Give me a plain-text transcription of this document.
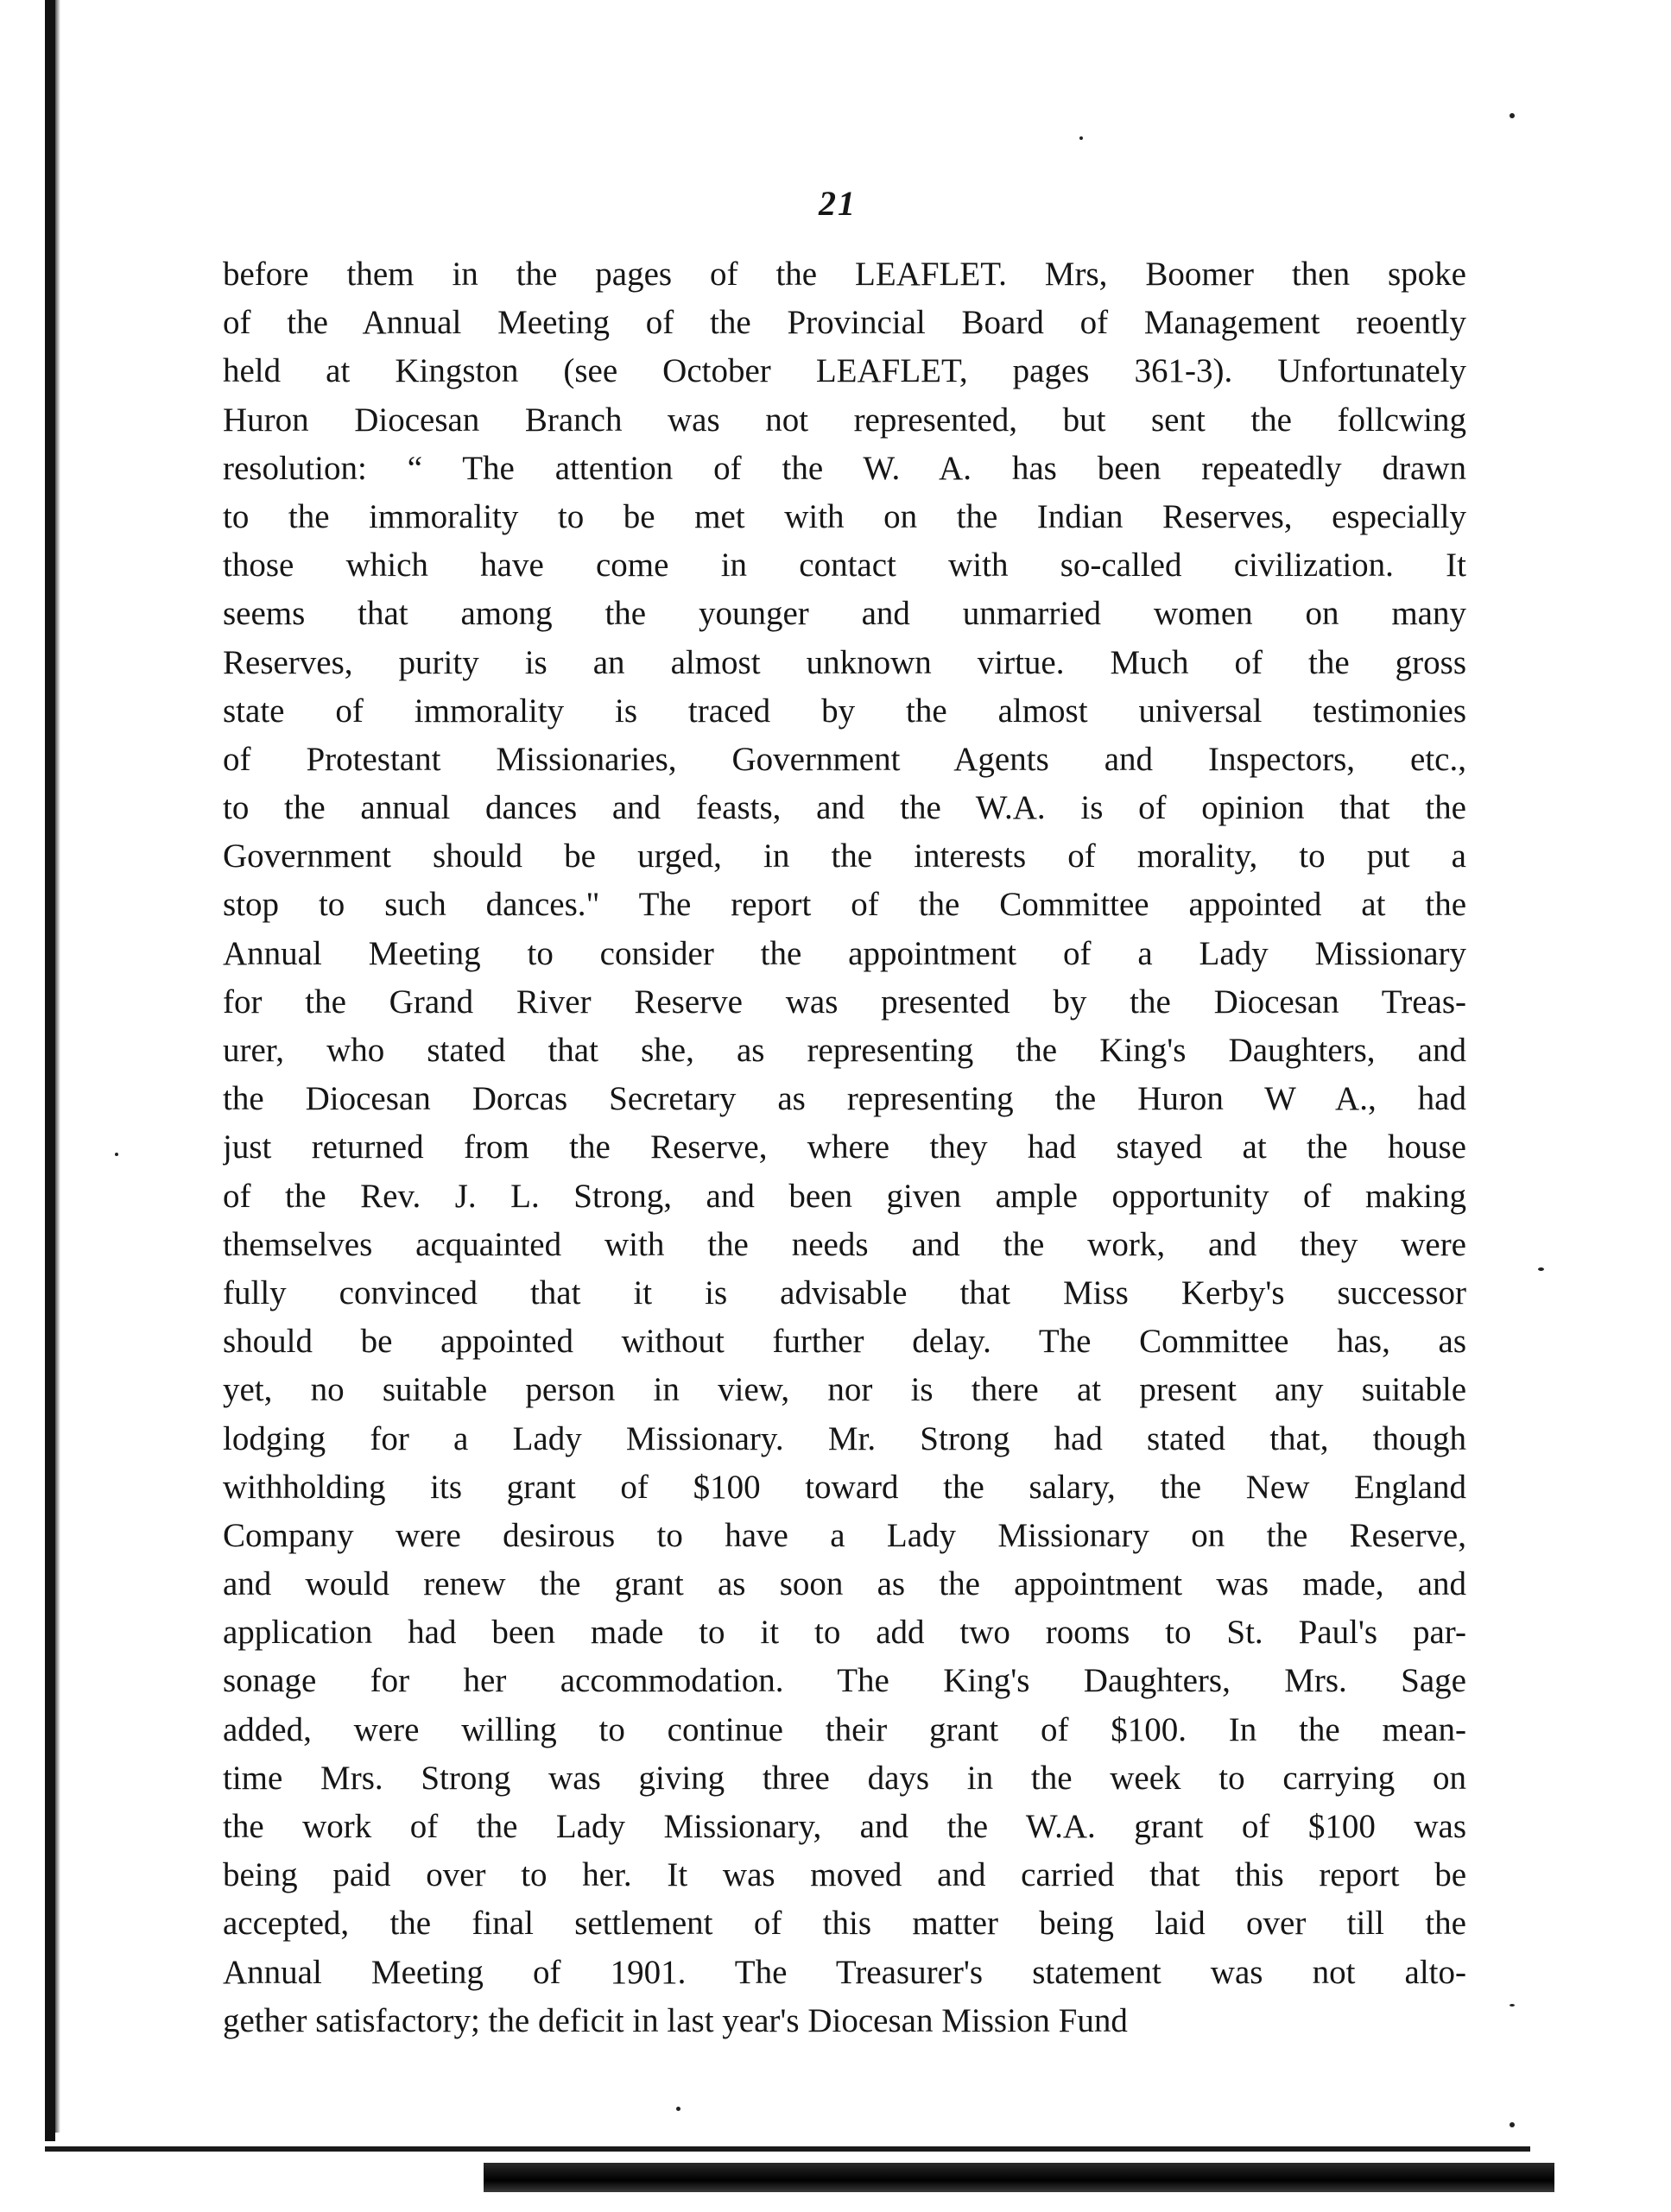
21
before them in the pages of the LEAFLET. Mrs, Boomer then spoke
of the Annual Meeting of the Provincial Board of Management reoently
held at Kingston (see October LEAFLET, pages 361-3). Unfortunately
Huron Diocesan Branch was not represented, but sent the follcwing
resolution: “ The attention of the W. A. has been repeatedly drawn
to the immorality to be met with on the Indian Reserves, especially
those which have come in contact with so-called civilization. It
seems that among the younger and unmarried women on many
Reserves, purity is an almost unknown virtue. Much of the gross
state of immorality is traced by the almost universal testimonies
of Protestant Missionaries, Government Agents and Inspectors, etc.,
to the annual dances and feasts, and the W.A. is of opinion that the
Government should be urged, in the interests of morality, to put a
stop to such dances." The report of the Committee appointed at the
Annual Meeting to consider the appointment of a Lady Missionary
for the Grand River Reserve was presented by the Diocesan Treas-
urer, who stated that she, as representing the King's Daughters, and
the Diocesan Dorcas Secretary as representing the Huron W A., had
just returned from the Reserve, where they had stayed at the house
of the Rev. J. L. Strong, and been given ample opportunity of making
themselves acquainted with the needs and the work, and they were
fully convinced that it is advisable that Miss Kerby's successor
should be appointed without further delay. The Committee has, as
yet, no suitable person in view, nor is there at present any suitable
lodging for a Lady Missionary. Mr. Strong had stated that, though
withholding its grant of $100 toward the salary, the New England
Company were desirous to have a Lady Missionary on the Reserve,
and would renew the grant as soon as the appointment was made, and
application had been made to it to add two rooms to St. Paul's par-
sonage for her accommodation. The King's Daughters, Mrs. Sage
added, were willing to continue their grant of $100. In the mean-
time Mrs. Strong was giving three days in the week to carrying on
the work of the Lady Missionary, and the W.A. grant of $100 was
being paid over to her. It was moved and carried that this report be
accepted, the final settlement of this matter being laid over till the
Annual Meeting of 1901. The Treasurer's statement was not alto-
gether satisfactory; the deficit in last year's Diocesan Mission Fund
